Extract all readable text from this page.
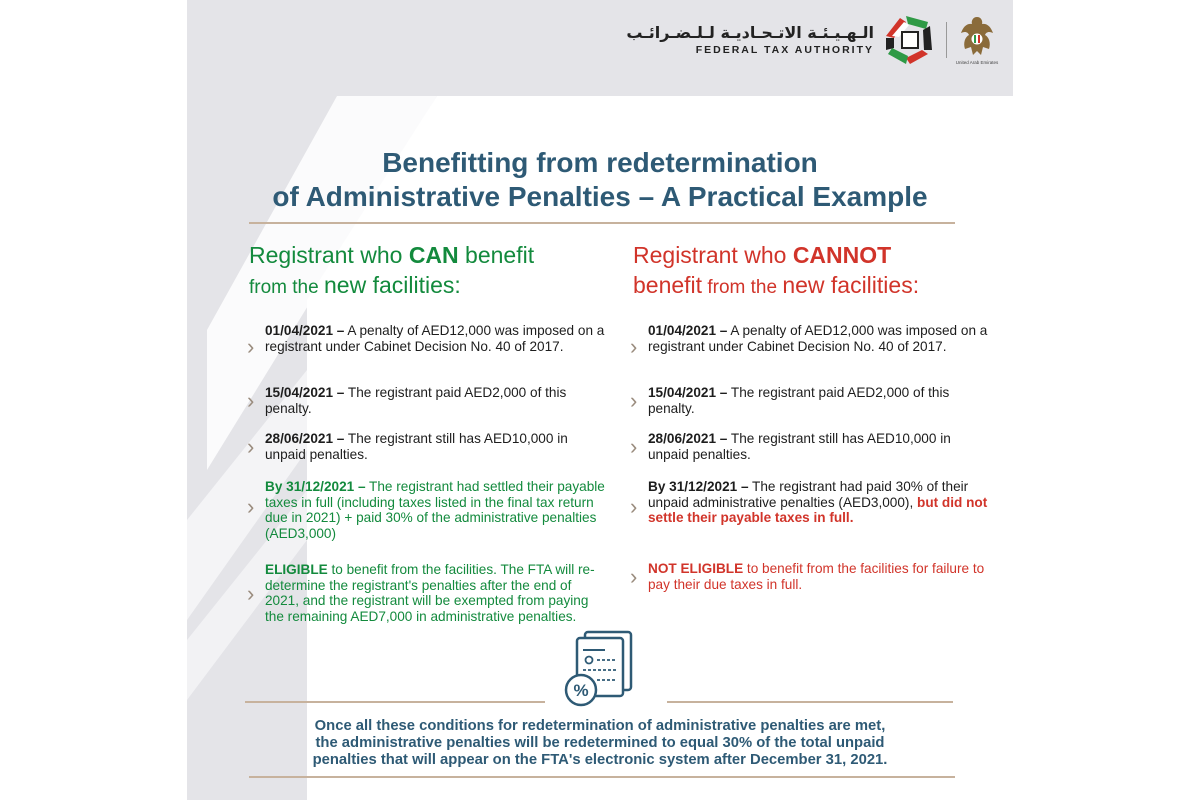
الـهـيـئـة الاتـحـاديـة لـلـضـرائـب
FEDERAL TAX AUTHORITY
United Arab Emirates
Benefitting from redetermination
of Administrative Penalties – A Practical Example
Registrant who CAN benefit
from the new facilities:
Registrant who CANNOT
benefit from the new facilities:
›
01/04/2021 – A penalty of AED12,000 was imposed on a registrant under Cabinet Decision No. 40 of 2017.
› 15/04/2021 – The registrant paid AED2,000 of this penalty.
› 28/06/2021 – The registrant still has AED10,000 in unpaid penalties.
›
By 31/12/2021 – The registrant had settled their payable taxes in full (including taxes listed in the final tax return due in 2021) + paid 30% of the administrative penalties (AED3,000)
›
ELIGIBLE to benefit from the facilities. The FTA will re-determine the registrant's penalties after the end of 2021, and the registrant will be exempted from paying the remaining AED7,000 in administrative penalties.
›
01/04/2021 – A penalty of AED12,000 was imposed on a registrant under Cabinet Decision No. 40 of 2017.
› 15/04/2021 – The registrant paid AED2,000 of this penalty.
› 28/06/2021 – The registrant still has AED10,000 in unpaid penalties.
›
By 31/12/2021 – The registrant had paid 30% of their unpaid administrative penalties (AED3,000), but did not settle their payable taxes in full.
› NOT ELIGIBLE to benefit from the facilities for failure to pay their due taxes in full.
%
Once all these conditions for redetermination of administrative penalties are met,
the administrative penalties will be redetermined to equal 30% of the total unpaid
penalties that will appear on the FTA's electronic system after December 31, 2021.
